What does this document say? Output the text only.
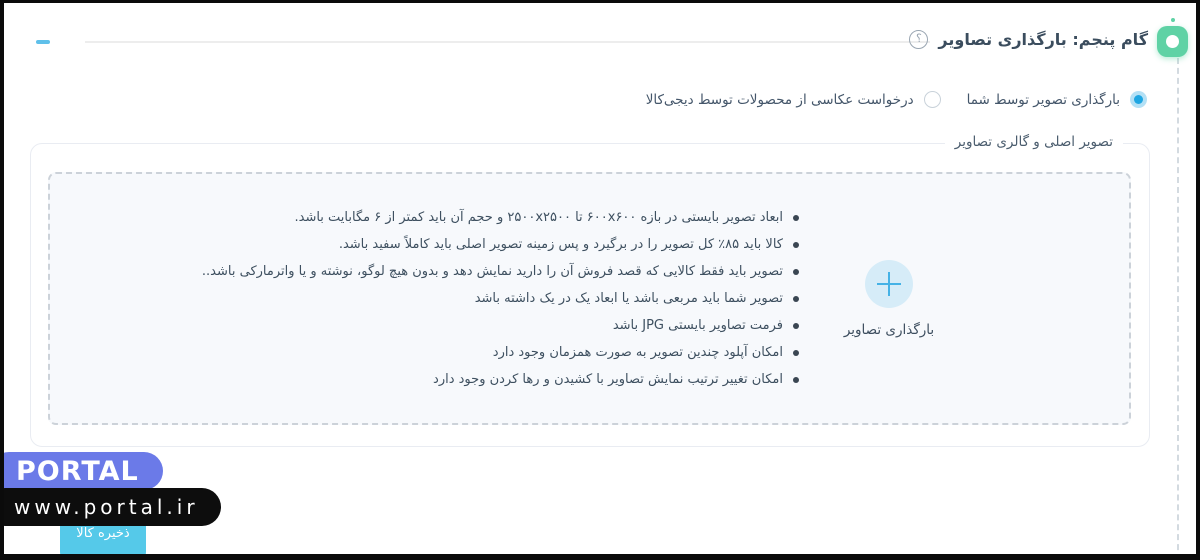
گام پنجم: بارگذاری تصاویر
؟
بارگذاری تصویر توسط شما
درخواست عکاسی از محصولات توسط دیجی‌کالا
تصویر اصلی و گالری تصاویر
بارگذاری تصاویر
ابعاد تصویر بایستی در بازه ۶۰۰x۶۰۰ تا ۲۵۰۰x۲۵۰۰ و حجم آن باید کمتر از ۶ مگابایت باشد.
کالا باید ۸۵٪ کل تصویر را در برگیرد و پس زمینه تصویر اصلی باید کاملاً سفید باشد.
تصویر باید فقط کالایی که قصد فروش آن را دارید نمایش دهد و بدون هیچ لوگو، نوشته و یا واترمارکی باشد..
تصویر شما باید مربعی باشد یا ابعاد یک در یک داشته باشد
فرمت تصاویر بایستی JPG باشد
امکان آپلود چندین تصویر به صورت همزمان وجود دارد
امکان تغییر ترتیب نمایش تصاویر با کشیدن و رها کردن وجود دارد
PORTAL
www.portal.ir
ذخیره کالا
